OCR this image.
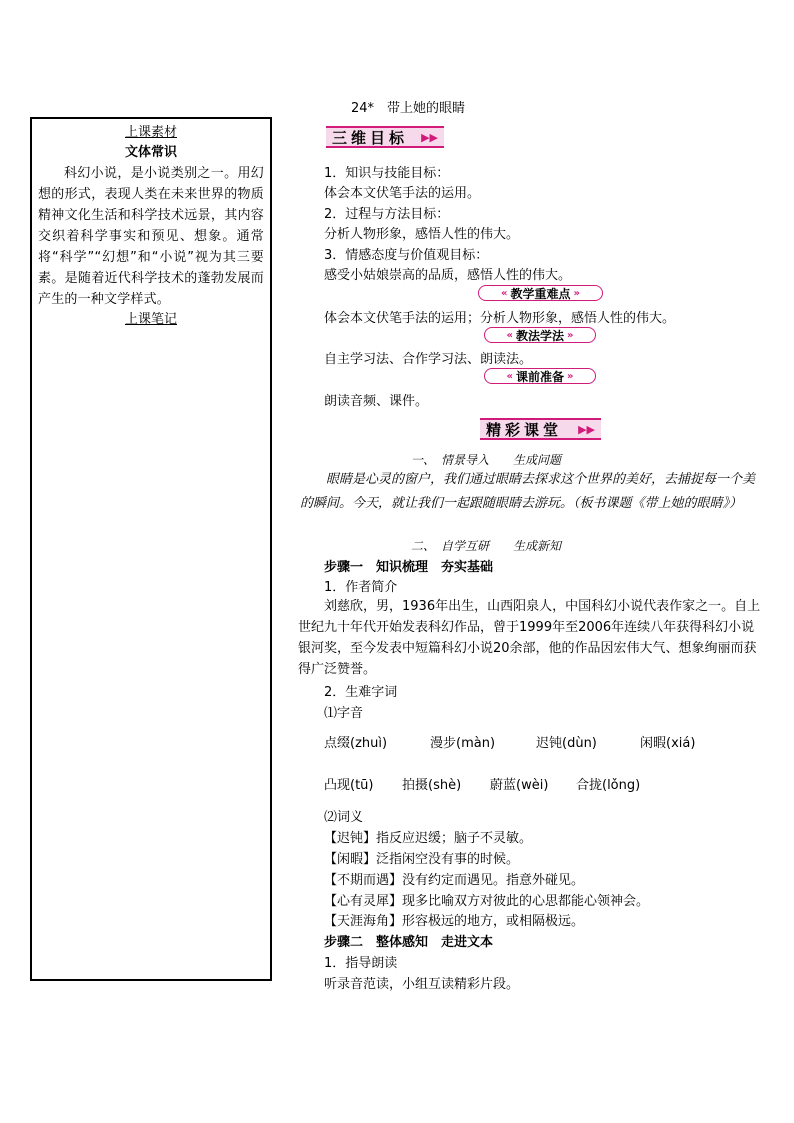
24*　带上她的眼睛
上课素材
文体常识
科幻小说，是小说类别之一。用幻想的形式，表现人类在未来世界的物质精神文化生活和科学技术远景，其内容交织着科学事实和预见、想象。通常将“科学”“幻想”和“小说”视为其三要素。是随着近代科学技术的蓬勃发展而产生的一种文学样式。
上课笔记
三维目标 ▶▶
1．知识与技能目标：
体会本文伏笔手法的运用。
2．过程与方法目标：
分析人物形象，感悟人性的伟大。
3．情感态度与价值观目标：
感受小姑娘崇高的品质，感悟人性的伟大。
« 教学重难点 »
体会本文伏笔手法的运用；分析人物形象，感悟人性的伟大。
« 教法学法 »
自主学习法、合作学习法、朗读法。
« 课前准备 »
朗读音频、课件。
精彩课堂 ▶▶
一、　情景导入　　生成问题
眼睛是心灵的窗户，我们通过眼睛去探求这个世界的美好，去捕捉每一个美的瞬间。今天，就让我们一起跟随眼睛去游玩。（板书课题《带上她的眼睛》）
二、　自学互研　　生成新知
步骤一　知识梳理　夯实基础
1．作者简介
刘慈欣，男，1936年出生，山西阳泉人，中国科幻小说代表作家之一。自上世纪九十年代开始发表科幻作品，曾于1999年至2006年连续八年获得科幻小说银河奖，至今发表中短篇科幻小说20余部，他的作品因宏伟大气、想象绚丽而获得广泛赞誉。
2．生难字词
⑴字音
点缀(zhuì)	漫步(màn)	迟钝(dùn)	闲暇(xiá)
凸现(tū) 拍摄(shè) 蔚蓝(wèi) 合拢(lǒng)
⑵词义
【迟钝】指反应迟缓；脑子不灵敏。
【闲暇】泛指闲空没有事的时候。
【不期而遇】没有约定而遇见。指意外碰见。
【心有灵犀】现多比喻双方对彼此的心思都能心领神会。
【天涯海角】形容极远的地方，或相隔极远。
步骤二　整体感知　走进文本
1．指导朗读
听录音范读，小组互读精彩片段。
